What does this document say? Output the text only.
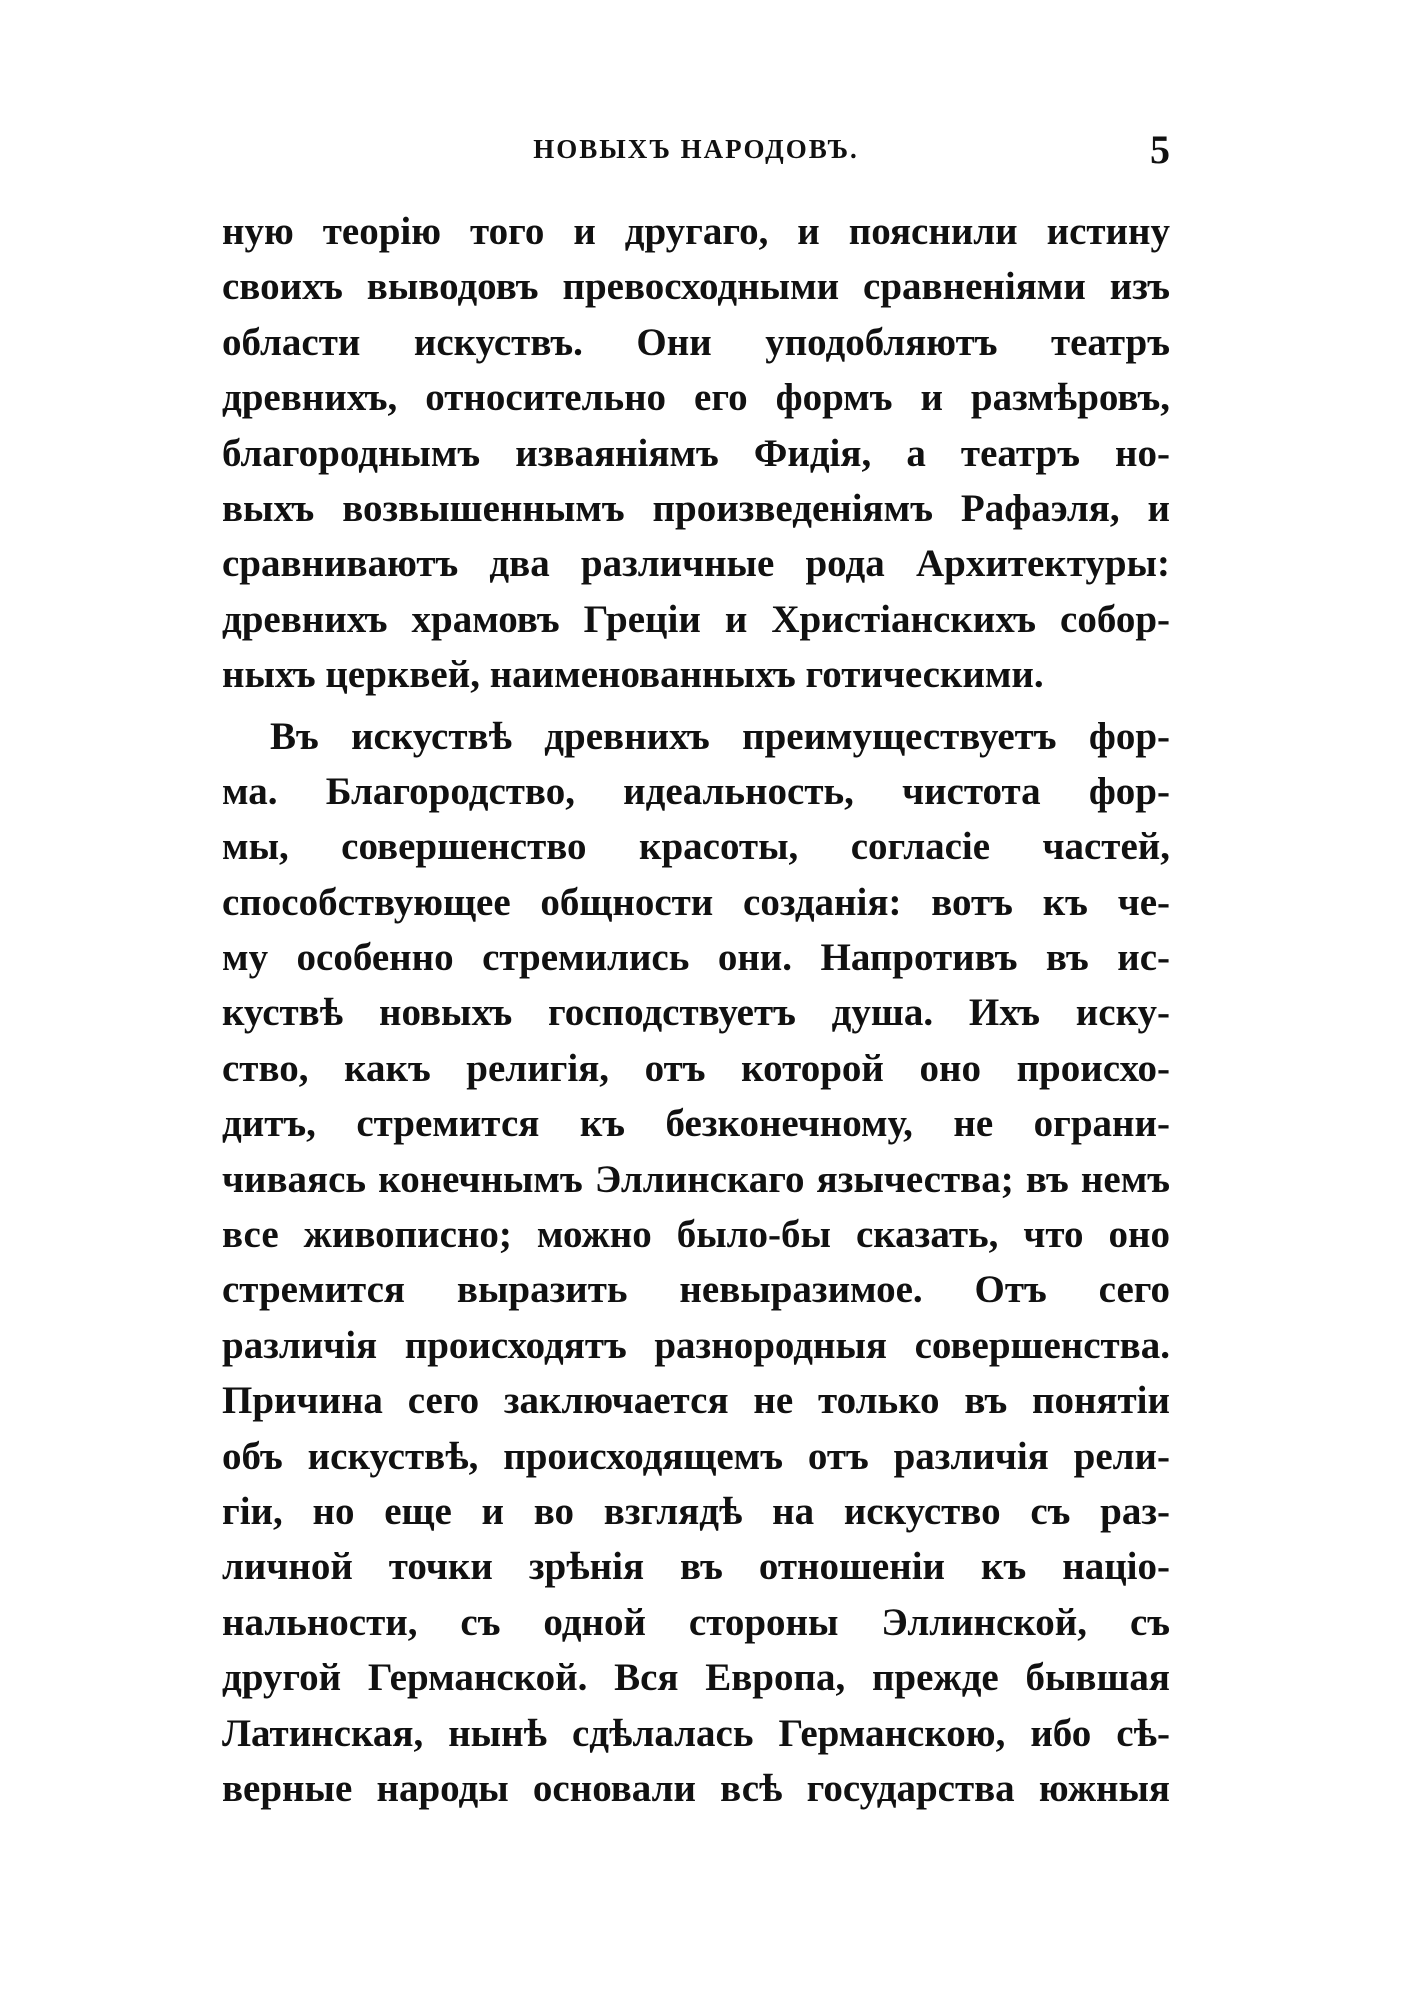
НОВЫХЪ НАРОДОВЪ.	5
ную теорію того и другаго, и пояснили истину
своихъ выводовъ превосходными сравненіями изъ
области искуствъ. Они уподобляютъ театръ
древнихъ, относительно его формъ и размѣровъ,
благороднымъ изваяніямъ Фидія, а театръ но-
выхъ возвышеннымъ произведеніямъ Рафаэля, и
сравниваютъ два различные рода Архитектуры:
древнихъ храмовъ Греціи и Христіанскихъ собор-
ныхъ церквей, наименованныхъ готическими.
Въ искуствѣ древнихъ преимуществуетъ фор-
ма. Благородство, идеальность, чистота фор-
мы, совершенство красоты, согласіе частей,
способствующее общности созданія: вотъ къ че-
му особенно стремились они. Напротивъ въ ис-
куствѣ новыхъ господствуетъ душа. Ихъ иску-
ство, какъ религія, отъ которой оно происхо-
дитъ, стремится къ безконечному, не ограни-
чиваясь конечнымъ Эллинскаго язычества; въ немъ
все живописно; можно было-бы сказать, что оно
стремится выразить невыразимое. Отъ сего
различія происходятъ разнородныя совершенства.
Причина сего заключается не только въ понятіи
объ искуствѣ, происходящемъ отъ различія рели-
гіи, но еще и во взглядѣ на искуство съ раз-
личной точки зрѣнія въ отношеніи къ націо-
нальности, съ одной стороны Эллинской, съ
другой Германской. Вся Европа, прежде бывшая
Латинская, нынѣ сдѣлалась Германскою, ибо сѣ-
верные народы основали всѣ государства южныя
